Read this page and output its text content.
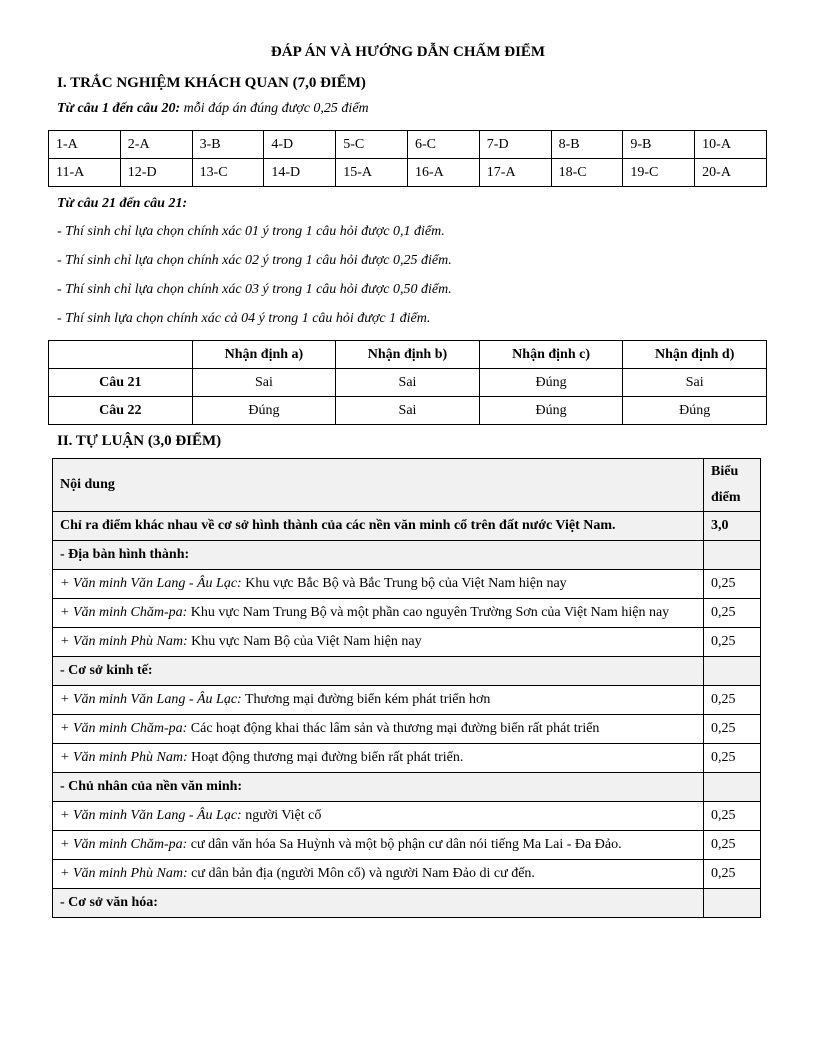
ĐÁP ÁN VÀ HƯỚNG DẪN CHẤM ĐIỂM
I. TRẮC NGHIỆM KHÁCH QUAN (7,0 ĐIỂM)

Từ câu 1 đến câu 20: mỗi đáp án đúng được 0,25 điểm

1-A	2-A	3-B	4-D	5-C	6-C	7-D	8-B	9-B	10-A
11-A	12-D	13-C	14-D	15-A	16-A	17-A	18-C	19-C	20-A
Từ câu 21 đến câu 21:

- Thí sinh chỉ lựa chọn chính xác 01 ý trong 1 câu hỏi được 0,1 điểm.

- Thí sinh chỉ lựa chọn chính xác 02 ý trong 1 câu hỏi được 0,25 điểm.

- Thí sinh chỉ lựa chọn chính xác 03 ý trong 1 câu hỏi được 0,50 điểm.

- Thí sinh lựa chọn chính xác cả 04 ý trong 1 câu hỏi được 1 điểm.

	Nhận định a)	Nhận định b)	Nhận định c)	Nhận định d)
Câu 21	Sai	Sai	Đúng	Sai
Câu 22	Đúng	Sai	Đúng	Đúng
II. TỰ LUẬN (3,0 ĐIỂM)
Nội dung	Biểu điểm
Chỉ ra điểm khác nhau về cơ sở hình thành của các nền văn minh cổ trên đất nước Việt Nam.	3,0
- Địa bàn hình thành:	
+ Văn minh Văn Lang - Âu Lạc: Khu vực Bắc Bộ và Bắc Trung bộ của Việt Nam hiện nay	0,25
+ Văn minh Chăm-pa: Khu vực Nam Trung Bộ và một phần cao nguyên Trường Sơn của Việt Nam hiện nay	0,25
+ Văn minh Phù Nam: Khu vực Nam Bộ của Việt Nam hiện nay	0,25
- Cơ sở kinh tế:	
+ Văn minh Văn Lang - Âu Lạc: Thương mại đường biển kém phát triển hơn	0,25
+ Văn minh Chăm-pa: Các hoạt động khai thác lâm sản và thương mại đường biển rất phát triển	0,25
+ Văn minh Phù Nam: Hoạt động thương mại đường biển rất phát triển.	0,25
- Chủ nhân của nền văn minh:	
+ Văn minh Văn Lang - Âu Lạc: người Việt cổ	0,25
+ Văn minh Chăm-pa: cư dân văn hóa Sa Huỳnh và một bộ phận cư dân nói tiếng Ma Lai - Đa Đảo.	0,25
+ Văn minh Phù Nam: cư dân bản địa (người Môn cổ) và người Nam Đảo di cư đến.	0,25
- Cơ sở văn hóa:	
